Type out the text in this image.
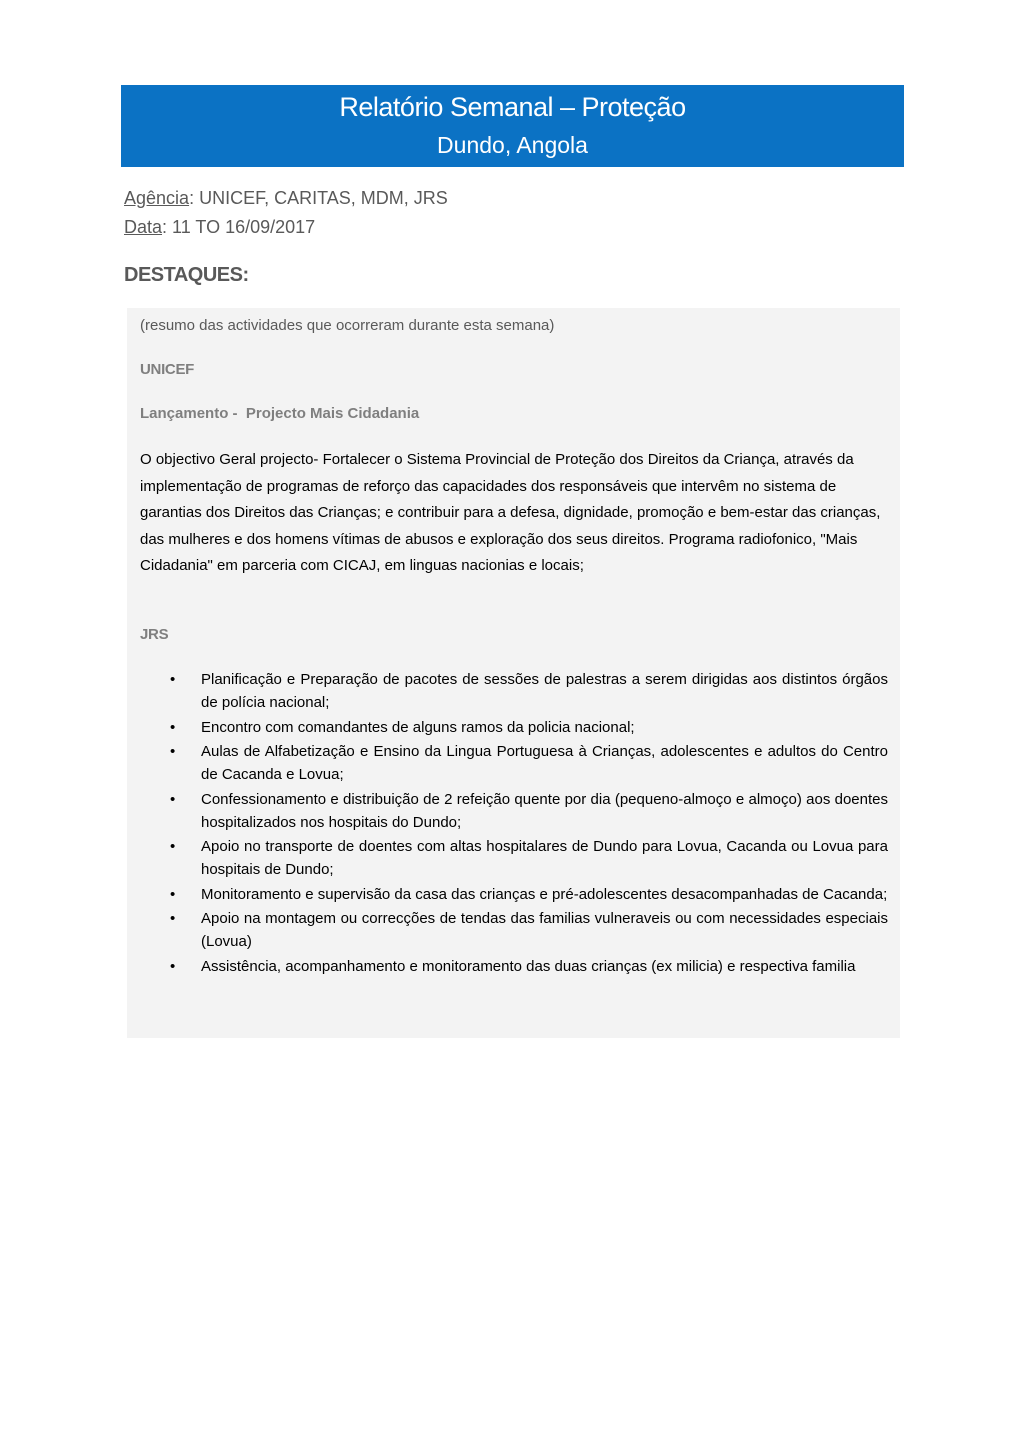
Relatório Semanal – Proteção
Dundo, Angola
Agência: UNICEF, CARITAS, MDM, JRS
Data: 11 TO 16/09/2017
DESTAQUES:
(resumo das actividades que ocorreram durante esta semana)
UNICEF
Lançamento -  Projecto Mais Cidadania
O objectivo Geral projecto- Fortalecer o Sistema Provincial de Proteção dos Direitos da Criança, através da implementação de programas de reforço das capacidades dos responsáveis que intervêm no sistema de garantias dos Direitos das Crianças; e contribuir para a defesa, dignidade, promoção e bem-estar das crianças, das mulheres e dos homens vítimas de abusos e exploração dos seus direitos. Programa radiofonico, "Mais Cidadania" em parceria com CICAJ, em linguas nacionias e locais;
JRS
• Planificação e Preparação de pacotes de sessões de palestras a serem dirigidas aos distintos órgãos de polícia nacional;
• Encontro com comandantes de alguns ramos da policia nacional;
• Aulas de Alfabetização e Ensino da Lingua Portuguesa à Crianças, adolescentes e adultos do Centro de Cacanda e Lovua;
• Confessionamento e distribuição de 2 refeição quente por dia (pequeno-almoço e almoço) aos doentes hospitalizados nos hospitais do Dundo;
• Apoio no transporte de doentes com altas hospitalares de Dundo para Lovua, Cacanda ou Lovua para hospitais de Dundo;
• Monitoramento e supervisão da casa das crianças e pré-adolescentes desacompanhadas de Cacanda;
• Apoio na montagem ou correcções de tendas das familias vulneraveis ou com necessidades especiais (Lovua)
• Assistência, acompanhamento e monitoramento das duas crianças (ex milicia) e respectiva familia
